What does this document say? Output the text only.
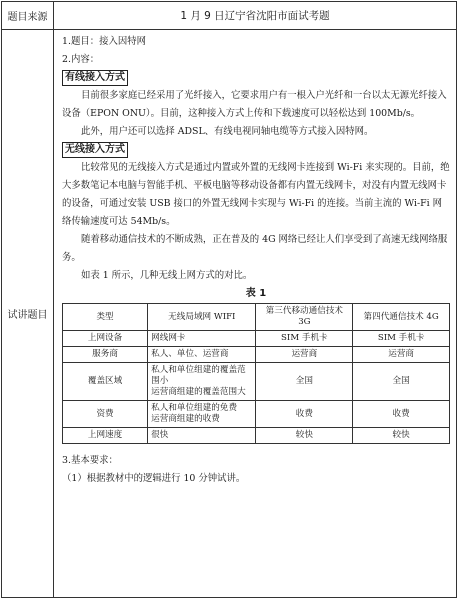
题目来源	1 月 9 日辽宁省沈阳市面试考题
试讲题目	

1.题目：接入因特网

2.内容：

有线接入方式

目前很多家庭已经采用了光纤接入，它要求用户有一根入户光纤和一台以太无源光纤接入设备（EPON ONU）。目前，这种接入方式上传和下载速度可以轻松达到 100Mb/s。

此外，用户还可以选择 ADSL、有线电视同轴电缆等方式接入因特网。

无线接入方式

比较常见的无线接入方式是通过内置或外置的无线网卡连接到 Wi-Fi 来实现的。目前，绝大多数笔记本电脑与智能手机、平板电脑等移动设备都有内置无线网卡，对没有内置无线网卡的设备，可通过安装 USB 接口的外置无线网卡实现与 Wi-Fi 的连接。当前主流的 Wi-Fi 网络传输速度可达 54Mb/s。

随着移动通信技术的不断成熟，正在普及的 4G 网络已经让人们享受到了高速无线网络服务。

如表 1 所示，几种无线上网方式的对比。

表 1
类型	无线局域网 WIFI	第三代移动通信技术 3G	第四代通信技术 4G
上网设备	网线网卡	SIM 手机卡	SIM 手机卡
服务商	私人、单位、运营商	运营商	运营商
覆盖区域	私人和单位组建的覆盖范围小
运营商组建的覆盖范围大	全国	全国
资费	私人和单位组建的免费
运营商组建的收费	收费	收费
上网速度	很快	较快	较快

3.基本要求：

（1）根据教材中的逻辑进行 10 分钟试讲。
